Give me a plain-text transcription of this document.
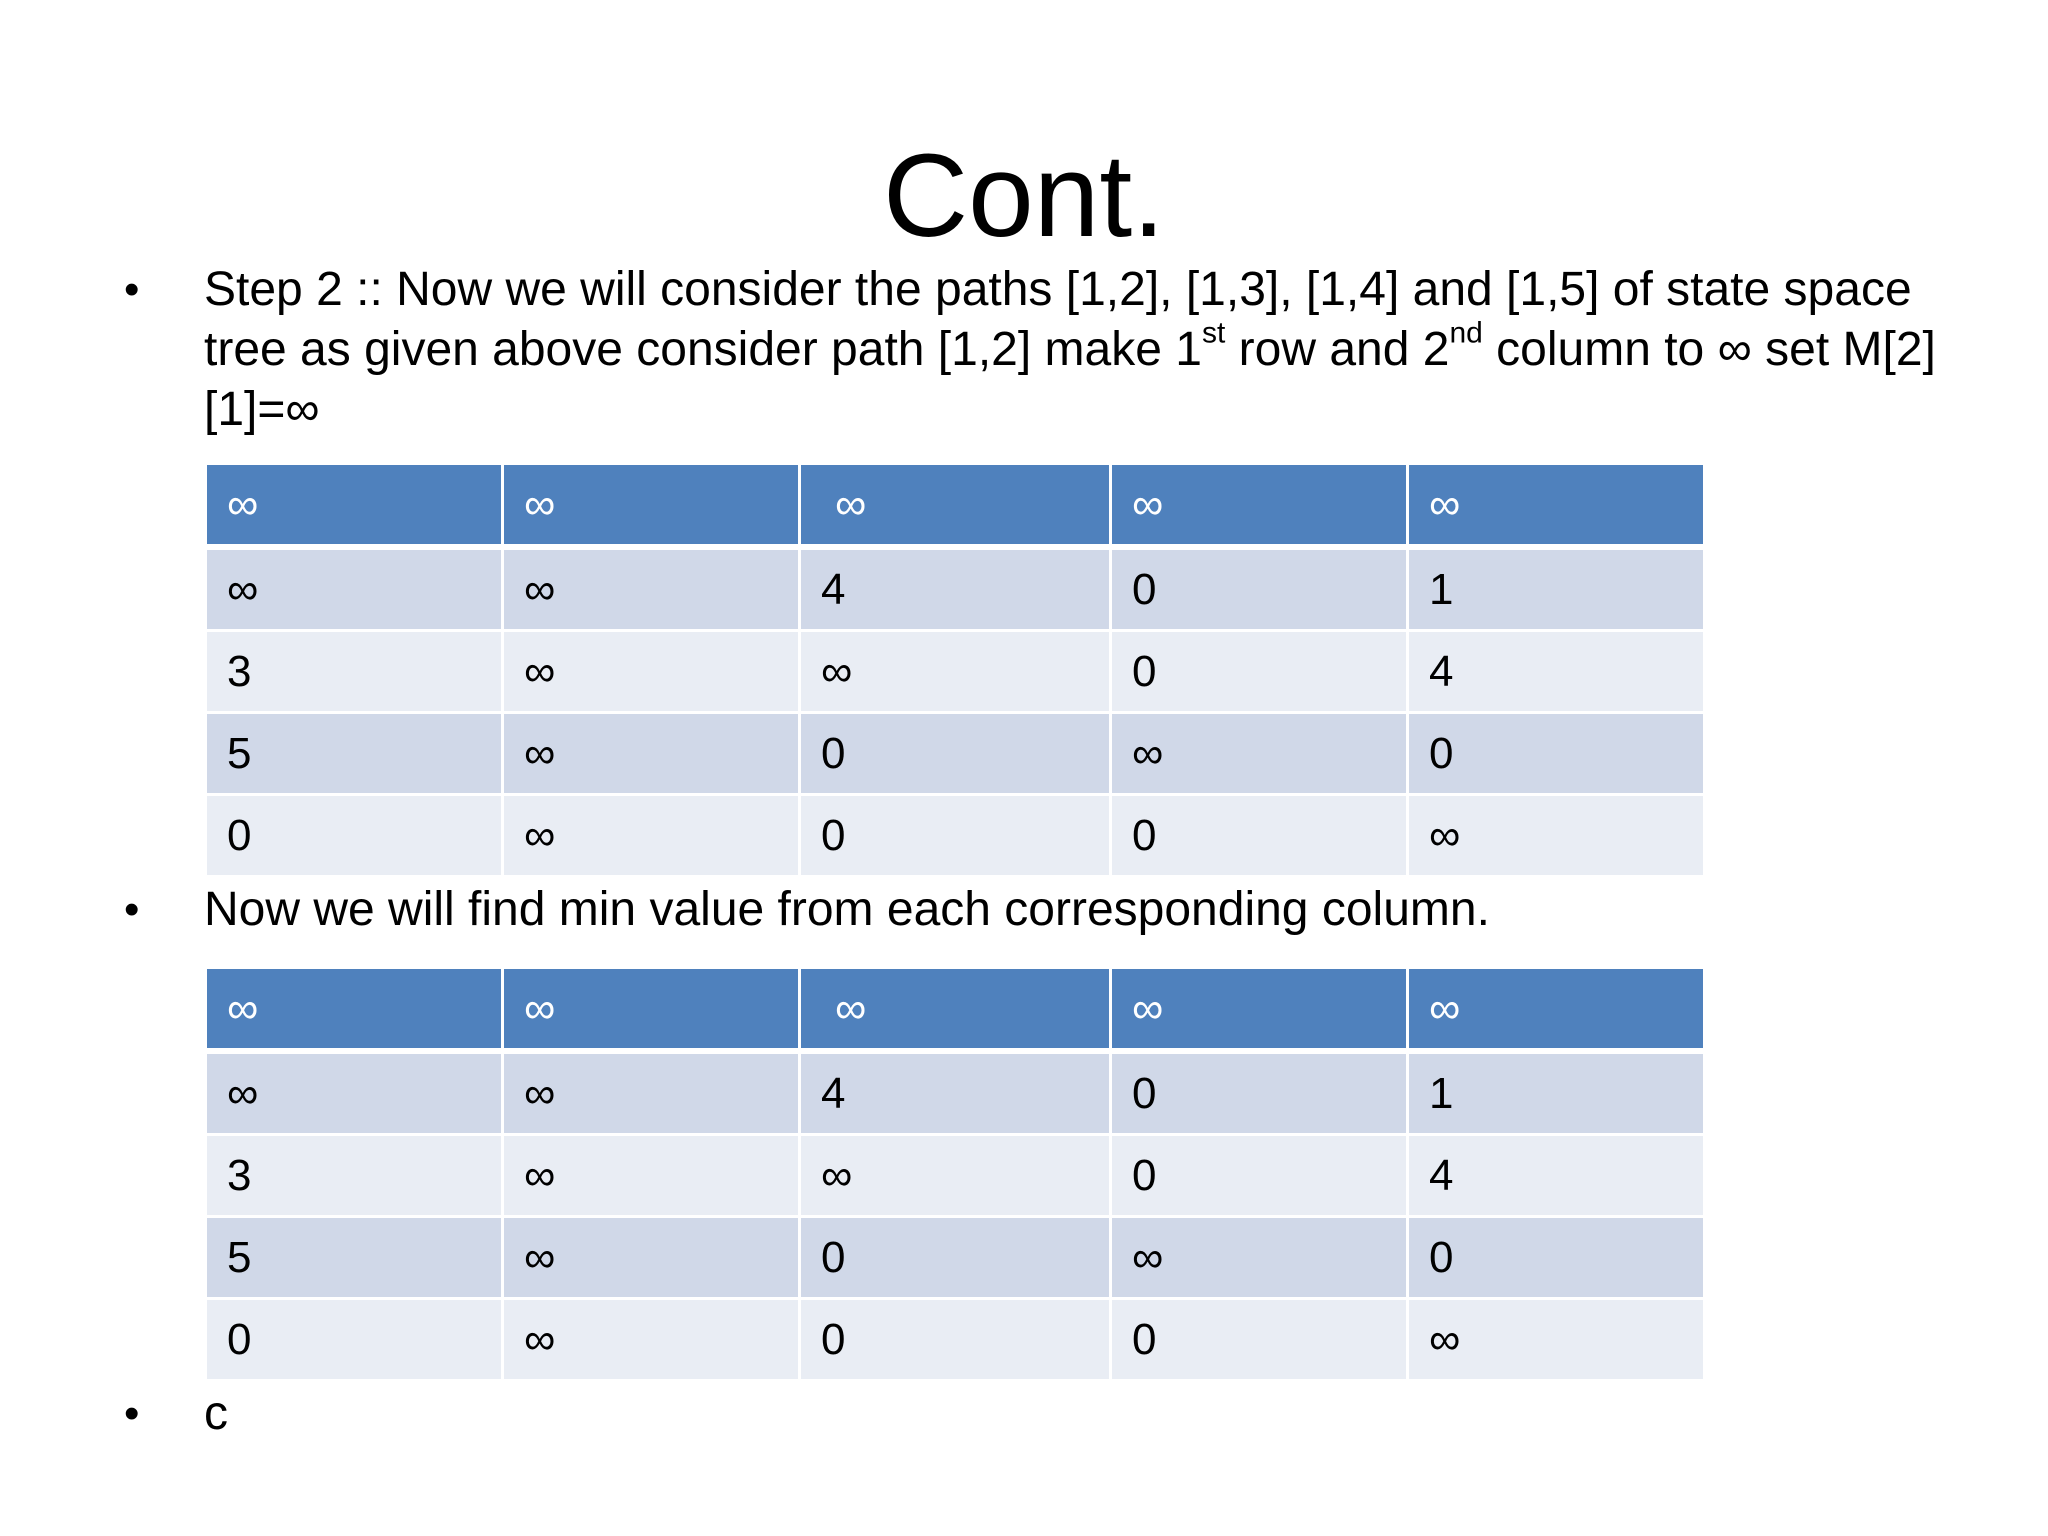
Cont.
• Step 2 :: Now we will consider the paths [1,2], [1,3], [1,4] and [1,5] of state space tree as given above consider path [1,2] make 1st row and 2nd column to ∞ set M[2][1]=∞
∞	∞	∞	∞	∞
∞	∞	4	0	1
3	∞	∞	0	4
5	∞	0	∞	0
0	∞	0	0	∞
• Now we will find min value from each corresponding column.
∞	∞	∞	∞	∞
∞	∞	4	0	1
3	∞	∞	0	4
5	∞	0	∞	0
0	∞	0	0	∞
• c
